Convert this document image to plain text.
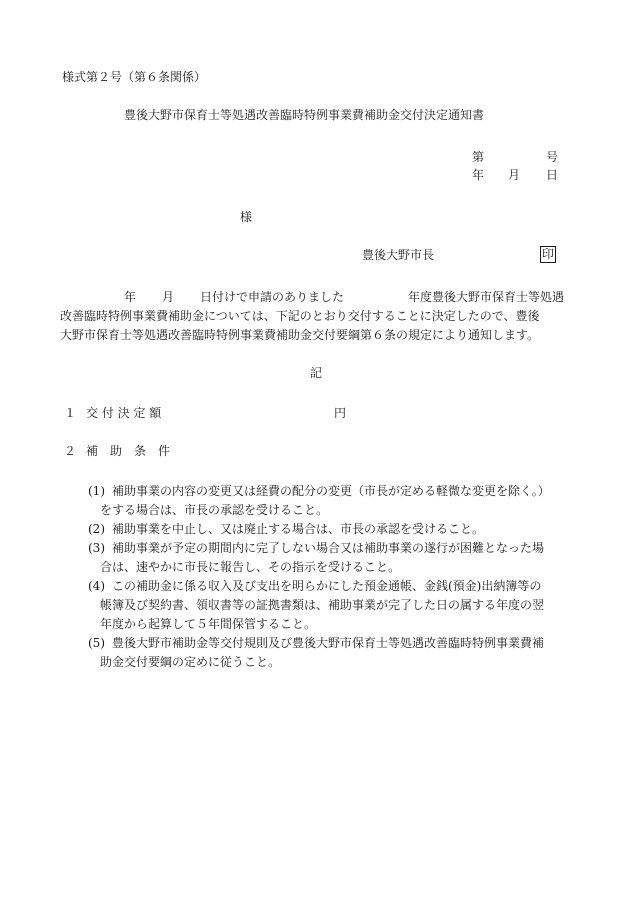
様式第２号（第６条関係）
豊後大野市保育士等処遇改善臨時特例事業費補助金交付決定通知書
第	号
年 月 日
様
豊後大野市長	印
年 月 日付けで申請のありました	年度豊後大野市保育士等処遇
改善臨時特例事業費補助金については、下記のとおり交付することに決定したので、豊後
大野市保育士等処遇改善臨時特例事業費補助金交付要綱第６条の規定により通知します。
記
１ 交 付 決 定 額	円
２ 補　助　条　件
(1) 補助事業の内容の変更又は経費の配分の変更（市長が定める軽微な変更を除く。）
をする場合は、市長の承認を受けること。
(2) 補助事業を中止し、又は廃止する場合は、市長の承認を受けること。
(3) 補助事業が予定の期間内に完了しない場合又は補助事業の遂行が困難となった場
合は、速やかに市長に報告し、その指示を受けること。
(4) この補助金に係る収入及び支出を明らかにした預金通帳、金銭(預金)出納簿等の
帳簿及び契約書、領収書等の証拠書類は、補助事業が完了した日の属する年度の翌
年度から起算して５年間保管すること。
(5) 豊後大野市補助金等交付規則及び豊後大野市保育士等処遇改善臨時特例事業費補
助金交付要綱の定めに従うこと。
